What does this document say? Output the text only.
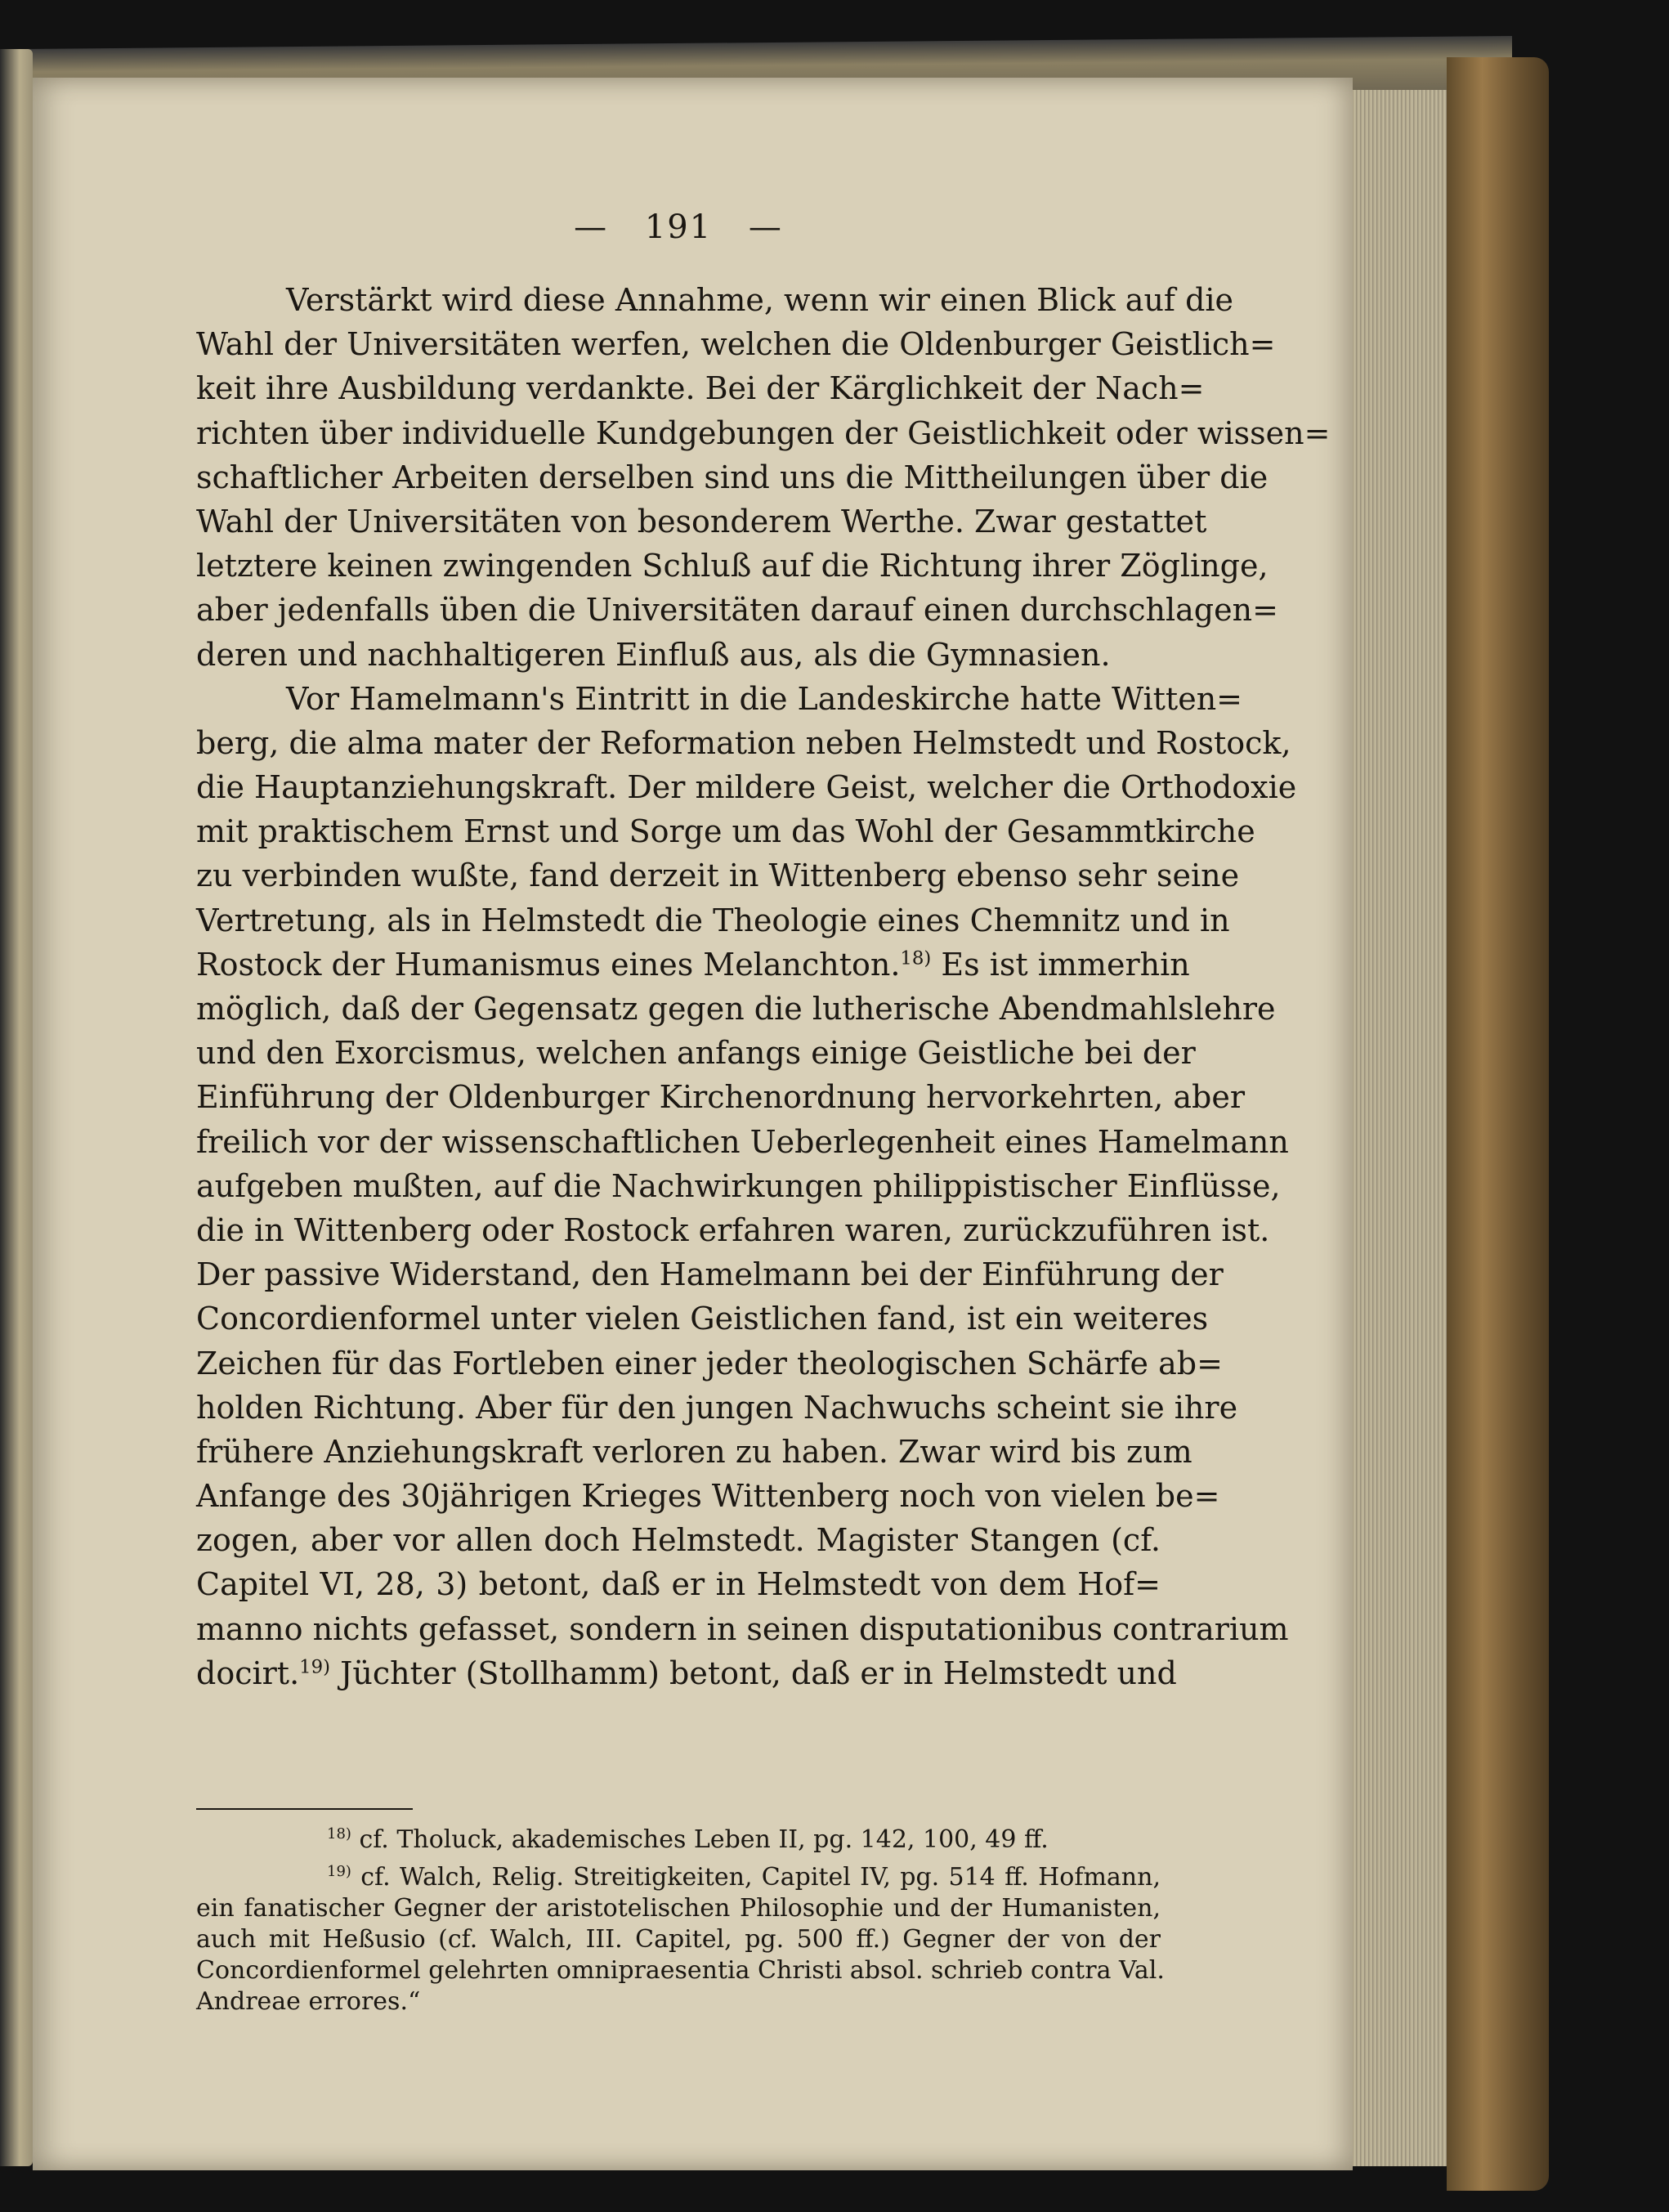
— 191 —
Verstärkt wird diese Annahme, wenn wir einen Blick auf die
Wahl der Universitäten werfen, welchen die Oldenburger Geistlich=
keit ihre Ausbildung verdankte. Bei der Kärglichkeit der Nach=
richten über individuelle Kundgebungen der Geistlichkeit oder wissen=
schaftlicher Arbeiten derselben sind uns die Mittheilungen über die
Wahl der Universitäten von besonderem Werthe. Zwar gestattet
letztere keinen zwingenden Schluß auf die Richtung ihrer Zöglinge,
aber jedenfalls üben die Universitäten darauf einen durchschlagen=
deren und nachhaltigeren Einfluß aus, als die Gymnasien.
Vor Hamelmann's Eintritt in die Landeskirche hatte Witten=
berg, die alma mater der Reformation neben Helmstedt und Rostock,
die Hauptanziehungskraft. Der mildere Geist, welcher die Orthodoxie
mit praktischem Ernst und Sorge um das Wohl der Gesammtkirche
zu verbinden wußte, fand derzeit in Wittenberg ebenso sehr seine
Vertretung, als in Helmstedt die Theologie eines Chemnitz und in
Rostock der Humanismus eines Melanchton.$^{18)}$ Es ist immerhin
möglich, daß der Gegensatz gegen die lutherische Abendmahlslehre
und den Exorcismus, welchen anfangs einige Geistliche bei der
Einführung der Oldenburger Kirchenordnung hervorkehrten, aber
freilich vor der wissenschaftlichen Ueberlegenheit eines Hamelmann
aufgeben mußten, auf die Nachwirkungen philippistischer Einflüsse,
die in Wittenberg oder Rostock erfahren waren, zurückzuführen ist.
Der passive Widerstand, den Hamelmann bei der Einführung der
Concordienformel unter vielen Geistlichen fand, ist ein weiteres
Zeichen für das Fortleben einer jeder theologischen Schärfe ab=
holden Richtung. Aber für den jungen Nachwuchs scheint sie ihre
frühere Anziehungskraft verloren zu haben. Zwar wird bis zum
Anfange des 30jährigen Krieges Wittenberg noch von vielen be=
zogen, aber vor allen doch Helmstedt. Magister Stangen (cf.
Capitel VI, 28, 3) betont, daß er in Helmstedt von dem Hof=
manno nichts gefasset, sondern in seinen disputationibus contrarium
docirt.$^{19)}$ Jüchter (Stollhamm) betont, daß er in Helmstedt und
$^{18)}$ cf. Tholuck, akademisches Leben II, pg. 142, 100, 49 ff.
$^{19)}$ cf. Walch, Relig. Streitigkeiten, Capitel IV, pg. 514 ff. Hofmann,
ein fanatischer Gegner der aristotelischen Philosophie und der Humanisten,
auch mit Heßusio (cf. Walch, III. Capitel, pg. 500 ff.) Gegner der von der
Concordienformel gelehrten omnipraesentia Christi absol. schrieb contra Val.
Andreae errores.“
